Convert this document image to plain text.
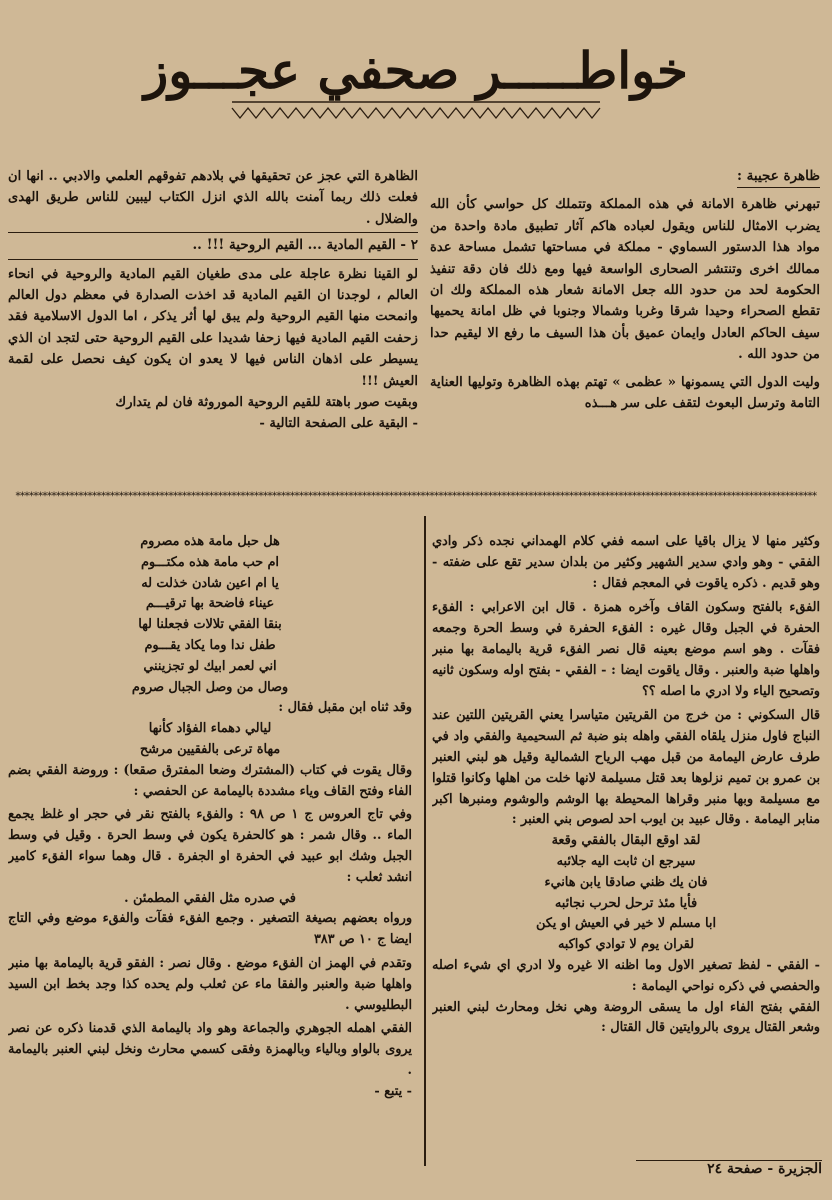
خواطـــــر صحفي عجـــوز
ظاهرة عجيبة :

تبهرني ظاهرة الامانة في هذه المملكة وتتملك كل حواسي كأن الله يضرب الامثال للناس ويقول لعباده هاكم آثار تطبيق مادة واحدة من مواد هذا الدستور السماوي - مملكة في مساحتها تشمل مساحة عدة ممالك اخرى وتنتشر الصحارى الواسعة فيها ومع ذلك فان دقة تنفيذ الحكومة لحد من حدود الله جعل الامانة شعار هذه المملكة ولك ان تقطع الصحراء وحيدا شرقا وغربا وشمالا وجنوبا في ظل امانة يحميها سيف الحاكم العادل وايمان عميق بأن هذا السيف ما رفع الا ليقيم حدا من حدود الله .

وليت الدول التي يسمونها « عظمى » تهتم بهذه الظاهرة وتوليها العناية التامة وترسل البعوث لتقف على سر هـــذه

الظاهرة التي عجز عن تحقيقها في بلادهم تفوقهم العلمي والادبي .. انها ان فعلت ذلك ربما آمنت بالله الذي انزل الكتاب ليبين للناس طريق الهدى والضلال .

٢ - القيم المادية ... القيم الروحية !!! ..

لو القينا نظرة عاجلة على مدى طغيان القيم المادية والروحية في انحاء العالم ، لوجدنا ان القيم المادية قد اخذت الصدارة في معظم دول العالم وانمحت منها القيم الروحية ولم يبق لها أثر يذكر ، اما الدول الاسلامية فقد زحفت القيم المادية فيها زحفا شديدا على القيم الروحية حتى لتجد ان الذي يسيطر على اذهان الناس فيها لا يعدو ان يكون كيف نحصل على لقمة العيش !!!

وبقيت صور باهتة للقيم الروحية الموروثة فان لم يتدارك

- البقية على الصفحة التالية -

**********************************************************************************************************************************************************************************

وكثير منها لا يزال باقيا على اسمه ففي كلام الهمداني نجده ذكر وادي الفقي - وهو وادي سدير الشهير وكثير من بلدان سدير تقع على ضفته - وهو قديم . ذكره ياقوت في المعجم فقال :

الفقء بالفتح وسكون القاف وآخره همزة . قال ابن الاعرابي : الفقء الحفرة في الجبل وقال غيره : الفقء الحفرة في وسط الحرة وجمعه فقآت . وهو اسم موضع بعينه قال نصر الفقء قرية باليمامة بها منبر واهلها ضبة والعنبر . وقال ياقوت ايضا : - الفقي - بفتح اوله وسكون ثانيه وتصحيح الياء ولا ادري ما اصله ؟؟

قال السكوني : من خرج من القريتين متياسرا يعني القريتين اللتين عند النباج فاول منزل يلقاه الفقي واهله بنو ضبة ثم السحيمية والفقي واد في طرف عارض اليمامة من قبل مهب الرياح الشمالية وقيل هو لبني العنبر بن عمرو بن تميم نزلوها بعد قتل مسيلمة لانها خلت من اهلها وكانوا قتلوا مع مسيلمة وبها منبر وقراها المحيطة بها الوشم والوشوم ومنبرها اكبر منابر اليمامة . وقال عبيد بن ايوب احد لصوص بني العنبر :

لقد اوقع البقال بالفقي وقعة
سيرجع ان ثابت اليه جلائبه
فان يك ظني صادقا يابن هانيء
فأيا مئذ ترحل لحرب نجائبه
ابا مسلم لا خير في العيش او يكن
لقران يوم لا توادي كواكبه

- الفقي - لفظ تصغير الاول وما اظنه الا غيره ولا ادري اي شيء اصله والحفصي في ذكره نواحي اليمامة :

الفقي بفتح الفاء اول ما يسقى الروضة وهي نخل ومحارث لبني العنبر وشعر القتال يروى بالروايتين قال القتال :

هل حبل مامة هذه مصروم
ام حب مامة هذه مكتـــوم
يا ام اعين شادن خذلت له
عيناء فاضحة بها ترقيـــم
بنقا الفقي تلالات فجعلنا لها
طفل ندا وما يكاد يقـــوم
اني لعمر ابيك لو تجزينني
وصال من وصل الجبال صروم

وقد ثناه ابن مقبل فقال :

ليالي دهماء الفؤاد كأنها
مهاة ترعى بالفقيين مرشح

وقال يقوت في كتاب (المشترك وضعا المفترق صقعا) : وروضة الفقي بضم الفاء وفتح القاف وياء مشددة باليمامة عن الحفصي :

وفي تاج العروس ج ١ ص ٩٨ : والفقء بالفتح نقر في حجر او غلظ يجمع الماء .. وقال شمر : هو كالحفرة يكون في وسط الحرة . وقيل في وسط الجبل وشك ابو عبيد في الحفرة او الجفرة . قال وهما سواء الفقء كامير انشد ثعلب :

في صدره مثل الفقي المطمئن .

ورواه بعضهم بصيغة التصغير . وجمع الفقء فقآت والفقء موضع وفي التاج ايضا ج ١٠ ص ٣٨٣

وتقدم في الهمز ان الفقء موضع . وقال نصر : الفقو قرية باليمامة بها منبر واهلها ضبة والعنبر والفقا ماء عن ثعلب ولم يحده كذا وجد بخط ابن السيد البطليوسي .

الفقي اهمله الجوهري والجماعة وهو واد باليمامة الذي قدمنا ذكره عن نصر يروى بالواو وبالياء وبالهمزة وفقى كسمي محارث ونخل لبني العنبر باليمامة .

- يتبع -

الجزيرة - صفحة ٢٤
